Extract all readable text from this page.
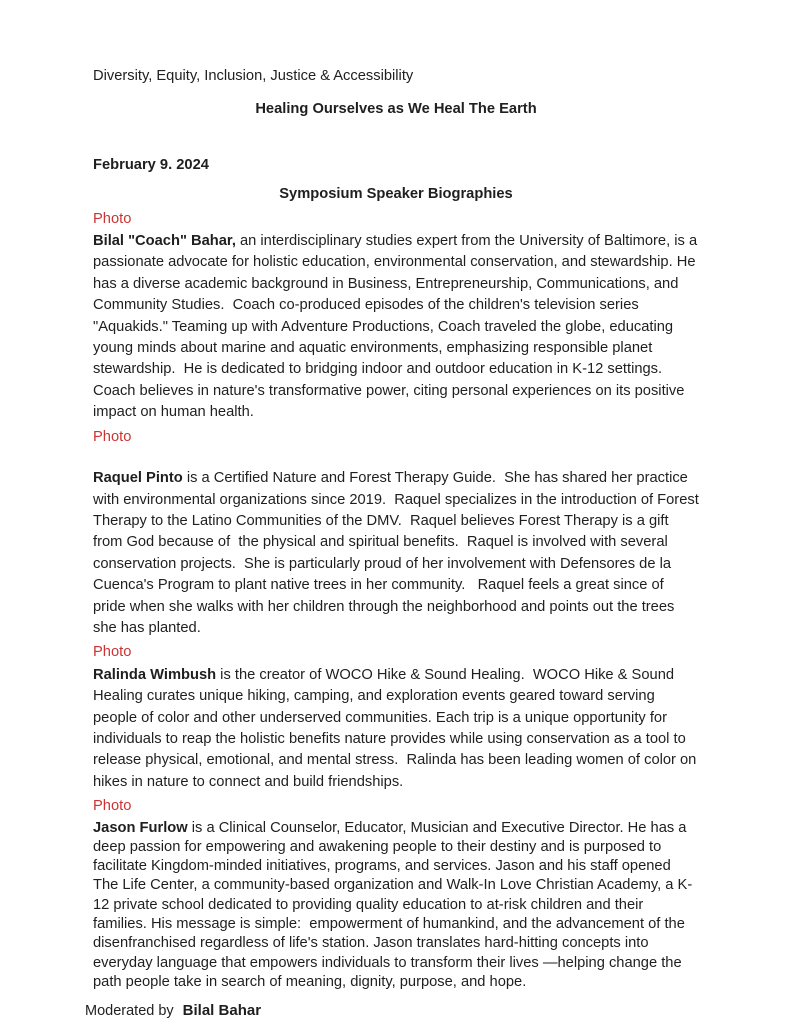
Diversity, Equity, Inclusion, Justice & Accessibility

Healing Ourselves as We Heal The Earth

February 9. 2024

Symposium Speaker Biographies

Photo

Bilal "Coach" Bahar, an interdisciplinary studies expert from the University of Baltimore, is a passionate advocate for holistic education, environmental conservation, and stewardship. He has a diverse academic background in Business, Entrepreneurship, Communications, and Community Studies.  Coach co-produced episodes of the children's television series "Aquakids." Teaming up with Adventure Productions, Coach traveled the globe, educating young minds about marine and aquatic environments, emphasizing responsible planet stewardship.  He is dedicated to bridging indoor and outdoor education in K-12 settings.  Coach believes in nature's transformative power, citing personal experiences on its positive impact on human health.

Photo

Raquel Pinto is a Certified Nature and Forest Therapy Guide.  She has shared her practice with environmental organizations since 2019.  Raquel specializes in the introduction of Forest Therapy to the Latino Communities of the DMV.  Raquel believes Forest Therapy is a gift from God because of  the physical and spiritual benefits.  Raquel is involved with several conservation projects.  She is particularly proud of her involvement with Defensores de la Cuenca's Program to plant native trees in her community.   Raquel feels a great since of pride when she walks with her children through the neighborhood and points out the trees she has planted.

Photo

Ralinda Wimbush is the creator of WOCO Hike & Sound Healing.  WOCO Hike & Sound Healing curates unique hiking, camping, and exploration events geared toward serving people of color and other underserved communities. Each trip is a unique opportunity for individuals to reap the holistic benefits nature provides while using conservation as a tool to release physical, emotional, and mental stress.  Ralinda has been leading women of color on hikes in nature to connect and build friendships.

Photo

Jason Furlow is a Clinical Counselor, Educator, Musician and Executive Director. He has a deep passion for empowering and awakening people to their destiny and is purposed to facilitate Kingdom-minded initiatives, programs, and services. Jason and his staff opened The Life Center, a community-based organization and Walk-In Love Christian Academy, a K-12 private school dedicated to providing quality education to at-risk children and their families. His message is simple:  empowerment of humankind, and the advancement of the disenfranchised regardless of life's station. Jason translates hard-hitting concepts into everyday language that empowers individuals to transform their lives —helping change the path people take in search of meaning, dignity, purpose, and hope.

Moderated by Bilal Bahar
